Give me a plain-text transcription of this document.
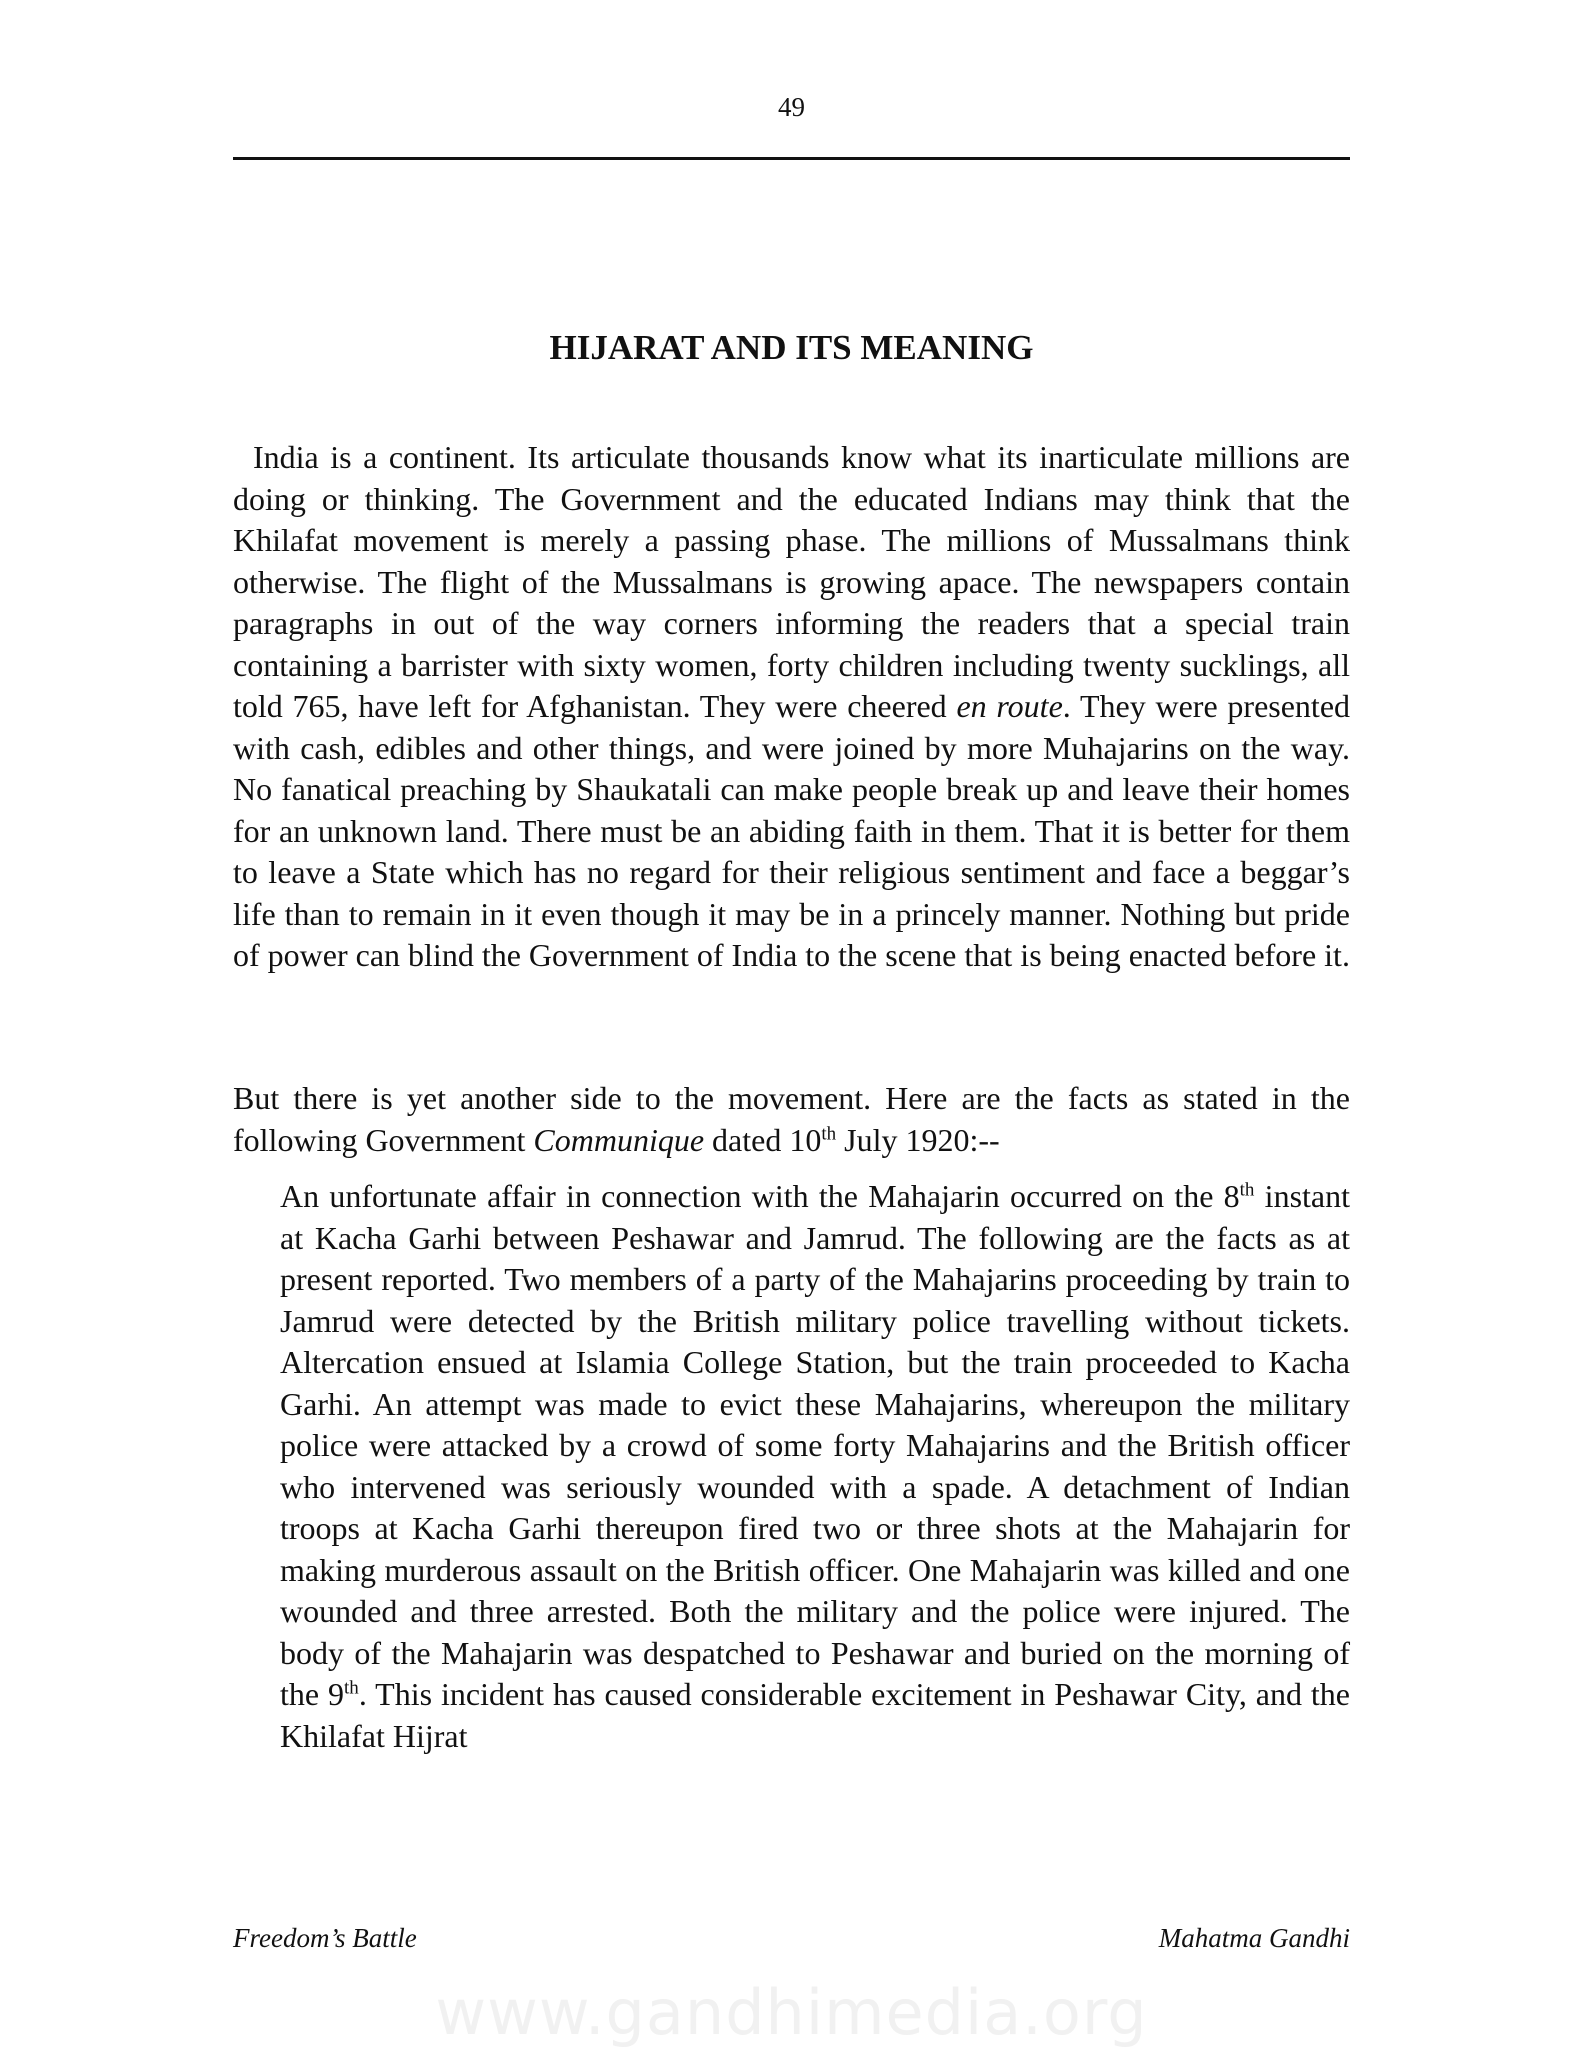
49
HIJARAT AND ITS MEANING

India is a continent. Its articulate thousands know what its inarticulate millions are doing or thinking. The Government and the educated Indians may think that the Khilafat movement is merely a passing phase. The millions of Mussalmans think otherwise. The flight of the Mussalmans is growing apace. The newspapers contain paragraphs in out of the way corners informing the readers that a special train containing a barrister with sixty women, forty children including twenty sucklings, all told 765, have left for Afghanistan. They were cheered en route. They were presented with cash, edibles and other things, and were joined by more Muhajarins on the way. No fanatical preaching by Shaukatali can make people break up and leave their homes for an unknown land. There must be an abiding faith in them. That it is better for them to leave a State which has no regard for their religious sentiment and face a beggar’s life than to remain in it even though it may be in a princely manner. Nothing but pride of power can blind the Government of India to the scene that is being enacted before it.

But there is yet another side to the movement. Here are the facts as stated in the following Government Communique dated 10th July 1920:--

An unfortunate affair in connection with the Mahajarin occurred on the 8th instant at Kacha Garhi between Peshawar and Jamrud. The following are the facts as at present reported. Two members of a party of the Mahajarins proceeding by train to Jamrud were detected by the British military police travelling without tickets. Altercation ensued at Islamia College Station, but the train proceeded to Kacha Garhi. An attempt was made to evict these Mahajarins, whereupon the military police were attacked by a crowd of some forty Mahajarins and the British officer who intervened was seriously wounded with a spade. A detachment of Indian troops at Kacha Garhi thereupon fired two or three shots at the Mahajarin for making murderous assault on the British officer. One Mahajarin was killed and one wounded and three arrested. Both the military and the police were injured. The body of the Mahajarin was despatched to Peshawar and buried on the morning of the 9th. This incident has caused considerable excitement in Peshawar City, and the Khilafat Hijrat

Freedom’s Battle	Mahatma Gandhi
www.gandhimedia.org
